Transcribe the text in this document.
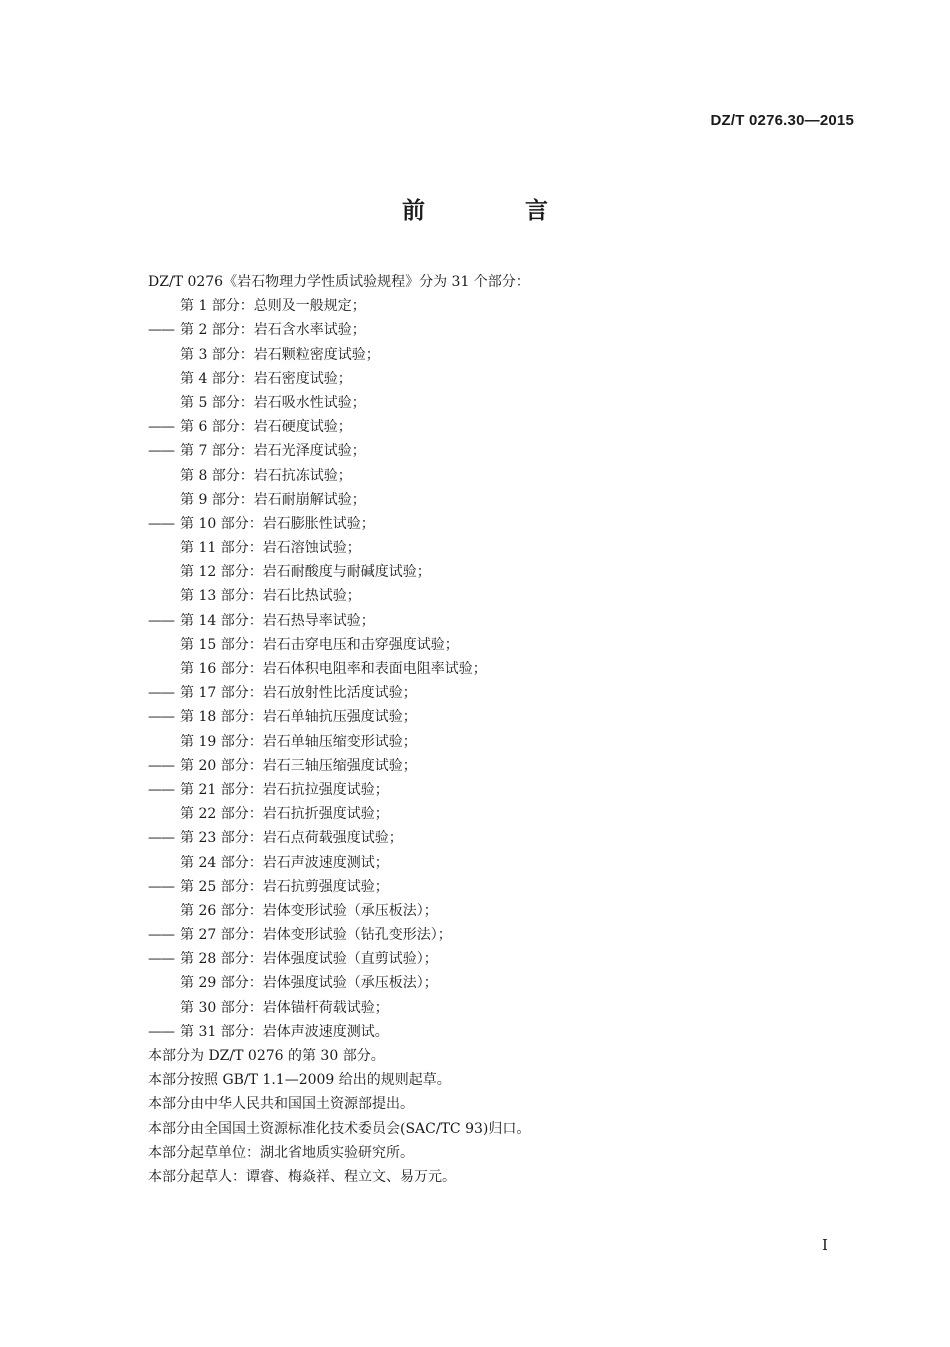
DZ/T 0276.30—2015
前 言
DZ/T 0276《岩石物理力学性质试验规程》分为 31 个部分：
第 1 部分：总则及一般规定；
—— 第 2 部分：岩石含水率试验；
第 3 部分：岩石颗粒密度试验；
第 4 部分：岩石密度试验；
第 5 部分：岩石吸水性试验；
—— 第 6 部分：岩石硬度试验；
—— 第 7 部分：岩石光泽度试验；
第 8 部分：岩石抗冻试验；
第 9 部分：岩石耐崩解试验；
—— 第 10 部分：岩石膨胀性试验；
第 11 部分：岩石溶蚀试验；
第 12 部分：岩石耐酸度与耐碱度试验；
第 13 部分：岩石比热试验；
—— 第 14 部分：岩石热导率试验；
第 15 部分：岩石击穿电压和击穿强度试验；
第 16 部分：岩石体积电阻率和表面电阻率试验；
—— 第 17 部分：岩石放射性比活度试验；
—— 第 18 部分：岩石单轴抗压强度试验；
第 19 部分：岩石单轴压缩变形试验；
—— 第 20 部分：岩石三轴压缩强度试验；
—— 第 21 部分：岩石抗拉强度试验；
第 22 部分：岩石抗折强度试验；
—— 第 23 部分：岩石点荷载强度试验；
第 24 部分：岩石声波速度测试；
—— 第 25 部分：岩石抗剪强度试验；
第 26 部分：岩体变形试验（承压板法）；
—— 第 27 部分：岩体变形试验（钻孔变形法）；
—— 第 28 部分：岩体强度试验（直剪试验）；
第 29 部分：岩体强度试验（承压板法）；
第 30 部分：岩体锚杆荷载试验；
—— 第 31 部分：岩体声波速度测试。
本部分为 DZ/T 0276 的第 30 部分。
本部分按照 GB/T 1.1—2009 给出的规则起草。
本部分由中华人民共和国国土资源部提出。
本部分由全国国土资源标准化技术委员会(SAC/TC 93)归口。
本部分起草单位：湖北省地质实验研究所。
本部分起草人：谭睿、梅焱祥、程立文、易万元。
I
